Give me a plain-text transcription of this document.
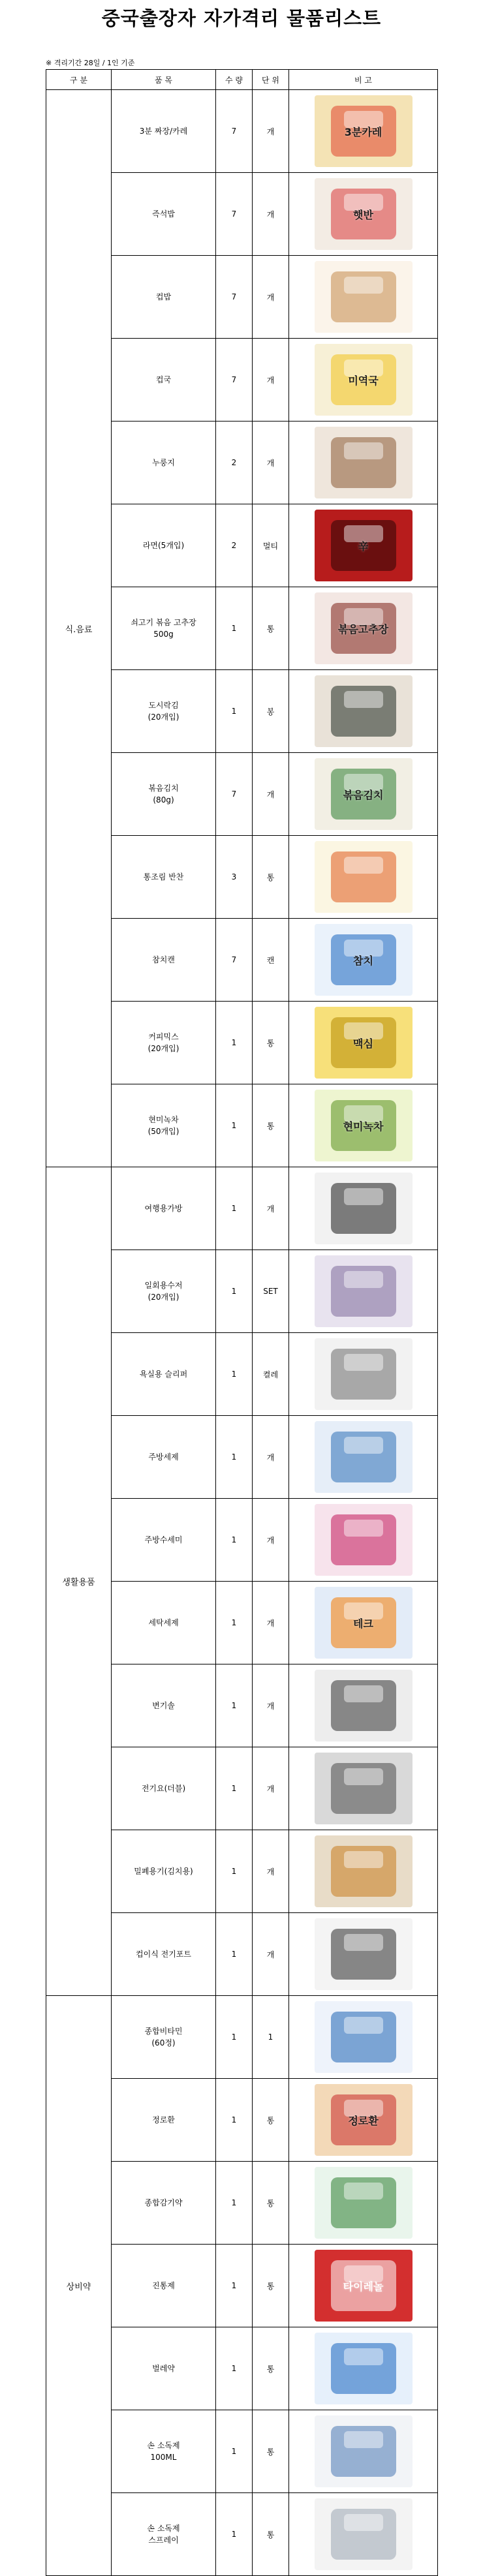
중국출장자 자가격리 물품리스트
※ 격리기간 28일 / 1인 기준
구 분	품 목	수 량	단 위	비 고
식.음료	3분 짜장/카레	7	개	3분카레

	즉석밥	7	개	햇반

	컵밥	7	개	

	컵국	7	개	미역국

	누룽지	2	개	

	라면(5개입)	2	멀티	辛

	쇠고기 볶음 고추장
500g	1	통	볶음고추장

	도시락김
(20개입)	1	봉	

	볶음김치
(80g)	7	개	볶음김치

	통조림 반찬	3	통	

	참치캔	7	캔	참치

	커피믹스
(20개입)	1	통	맥심

	현미녹차
(50개입)	1	통	현미녹차

생활용품	여행용가방	1	개	

	일회용수저
(20개입)	1	SET	

	욕실용 슬리퍼	1	켤레	

	주방세제	1	개	

	주방수세미	1	개	

	세탁세제	1	개	테크

	변기솔	1	개	

	전기요(더블)	1	개	

	밀폐용기(김치용)	1	개	

	컵이식 전기포트	1	개	

상비약	종합비타민
(60정)	1	1	

	정로환	1	통	정로환

	종합감기약	1	통	

	진통제	1	통	타이레놀

	벌레약	1	통	

	손 소독제
100ML	1	통	

	손 소독제
스프레이	1	통	
